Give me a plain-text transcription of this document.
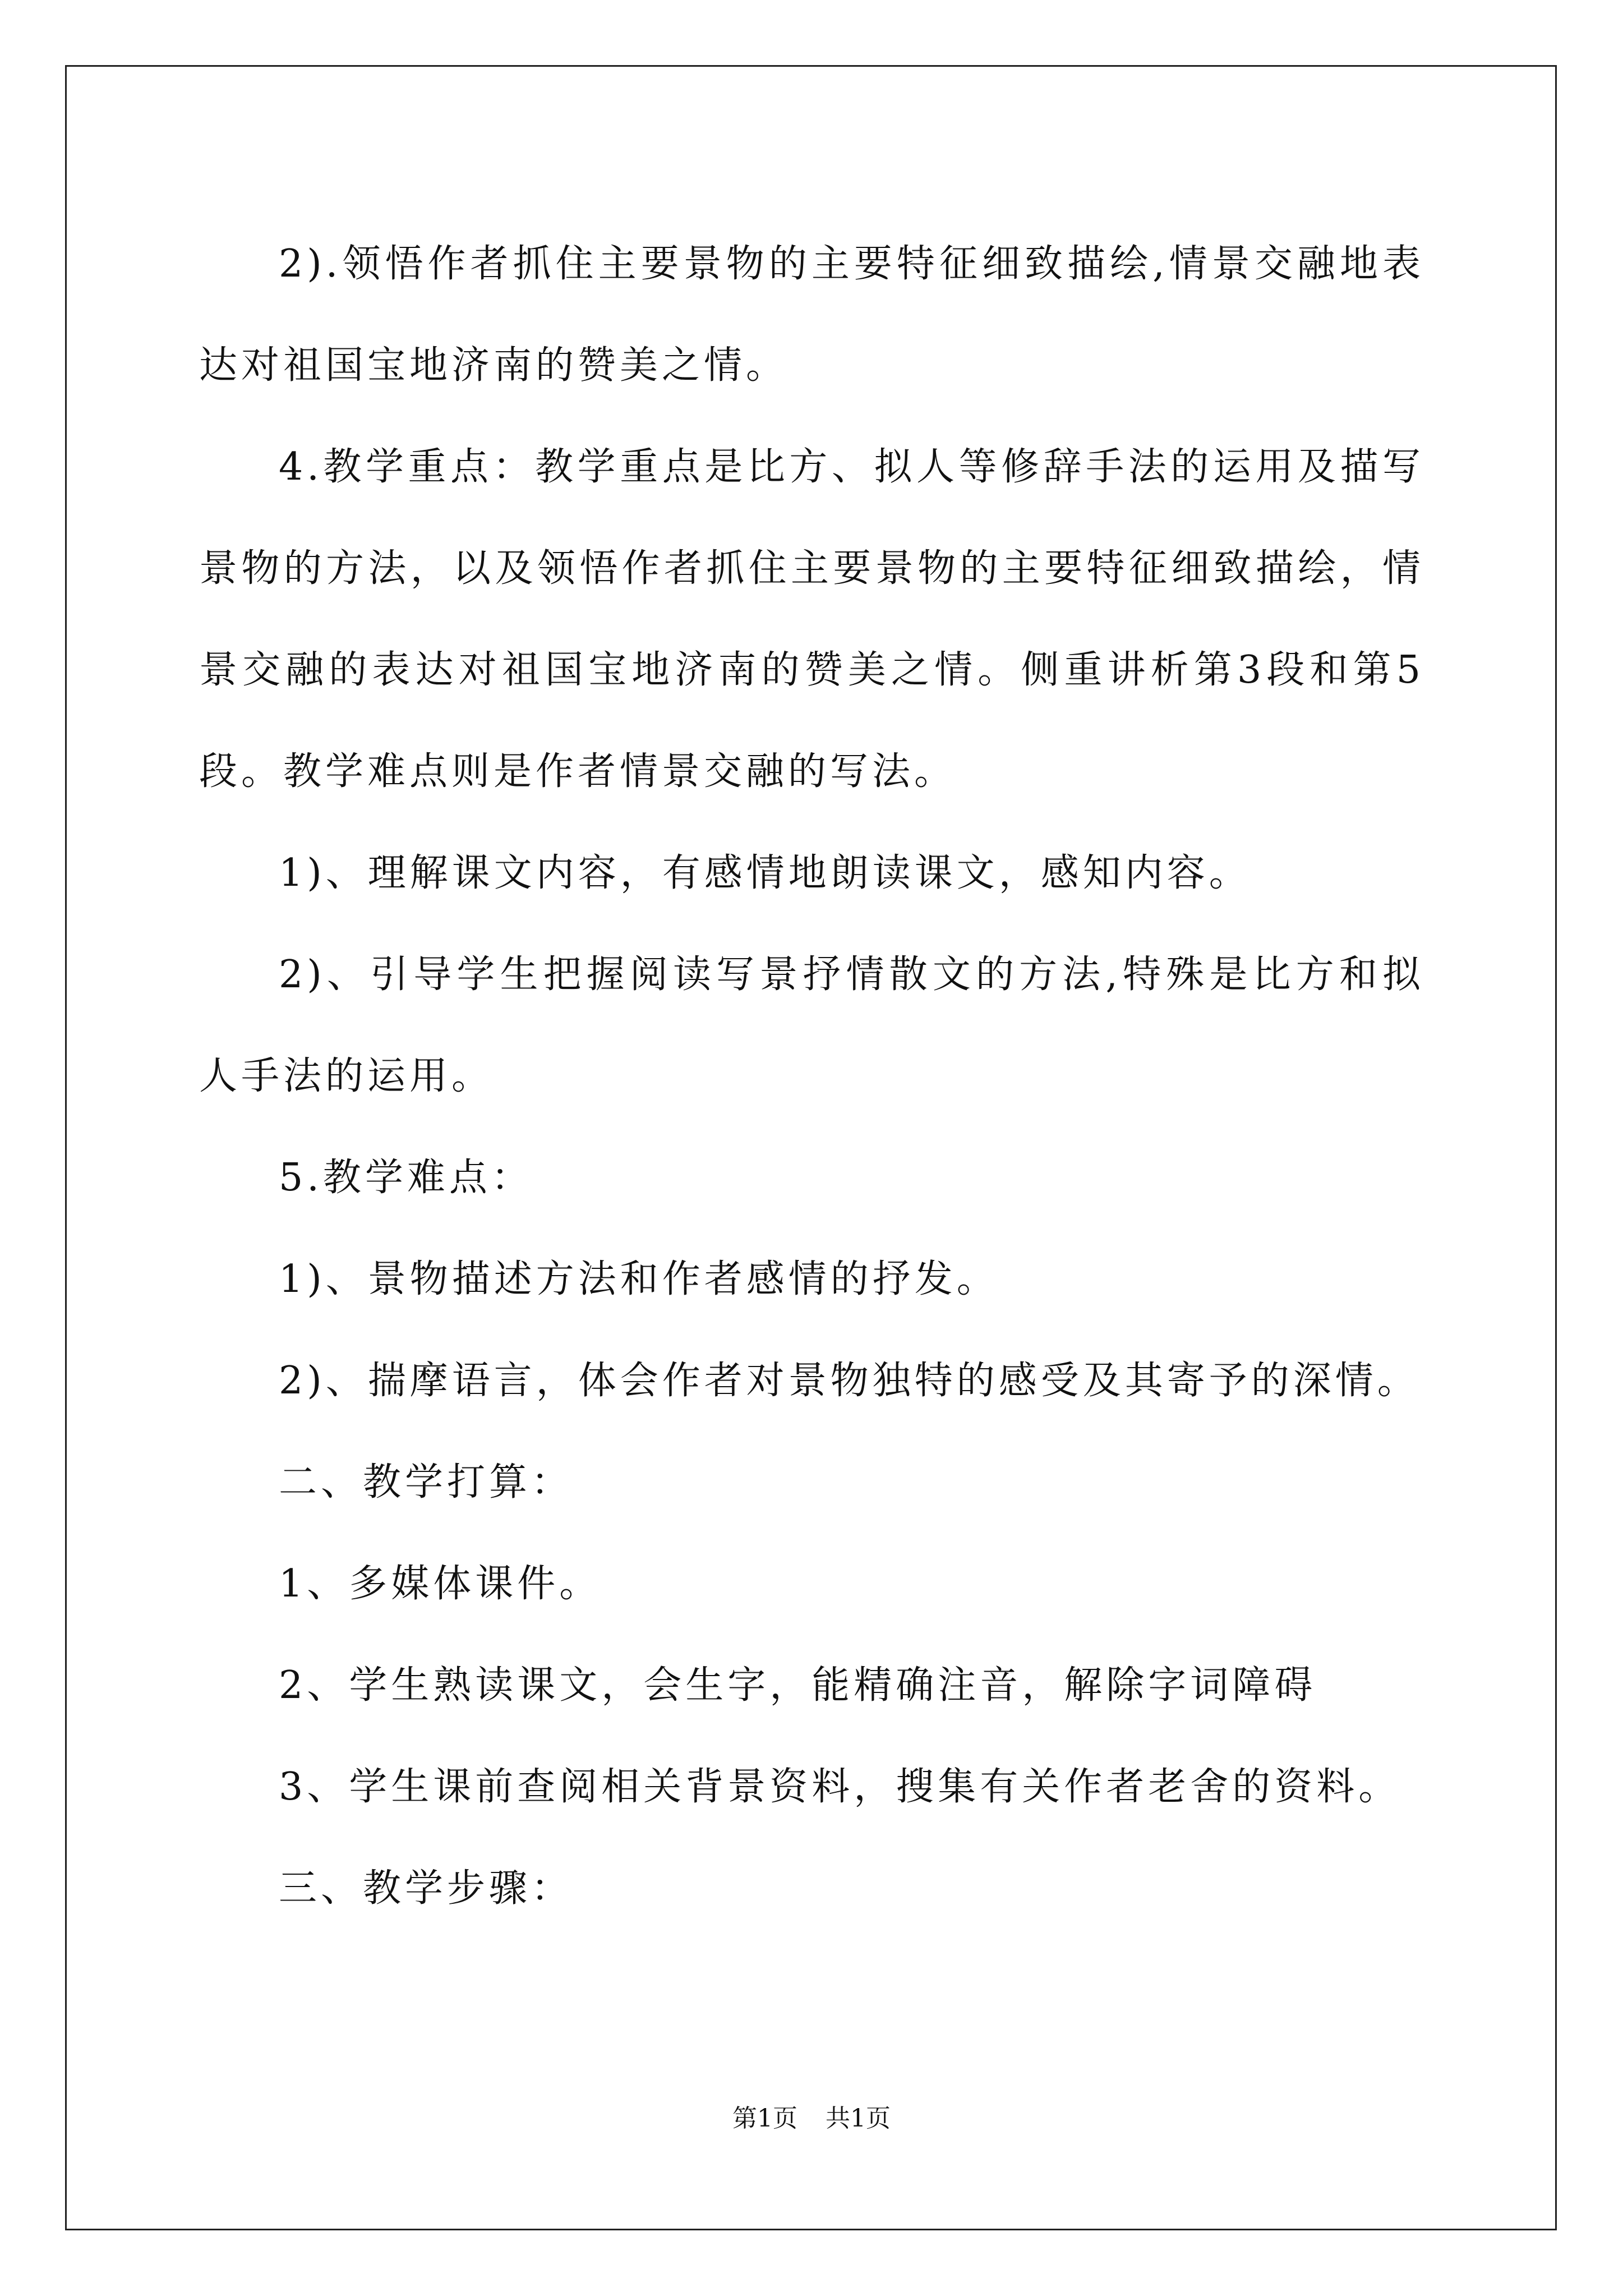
2).领悟作者抓住主要景物的主要特征细致描绘,情景交融地表达对祖国宝地济南的赞美之情。

4.教学重点：教学重点是比方、拟人等修辞手法的运用及描写景物的方法，以及领悟作者抓住主要景物的主要特征细致描绘，情景交融的表达对祖国宝地济南的赞美之情。侧重讲析第3段和第5段。教学难点则是作者情景交融的写法。

1)、理解课文内容，有感情地朗读课文，感知内容。

2)、引导学生把握阅读写景抒情散文的方法,特殊是比方和拟人手法的运用。

5.教学难点：

1)、景物描述方法和作者感情的抒发。

2)、揣摩语言，体会作者对景物独特的感受及其寄予的深情。

二、教学打算：

1、多媒体课件。

2、学生熟读课文，会生字，能精确注音，解除字词障碍

3、学生课前查阅相关背景资料，搜集有关作者老舍的资料。

三、教学步骤：

第1页 共1页
